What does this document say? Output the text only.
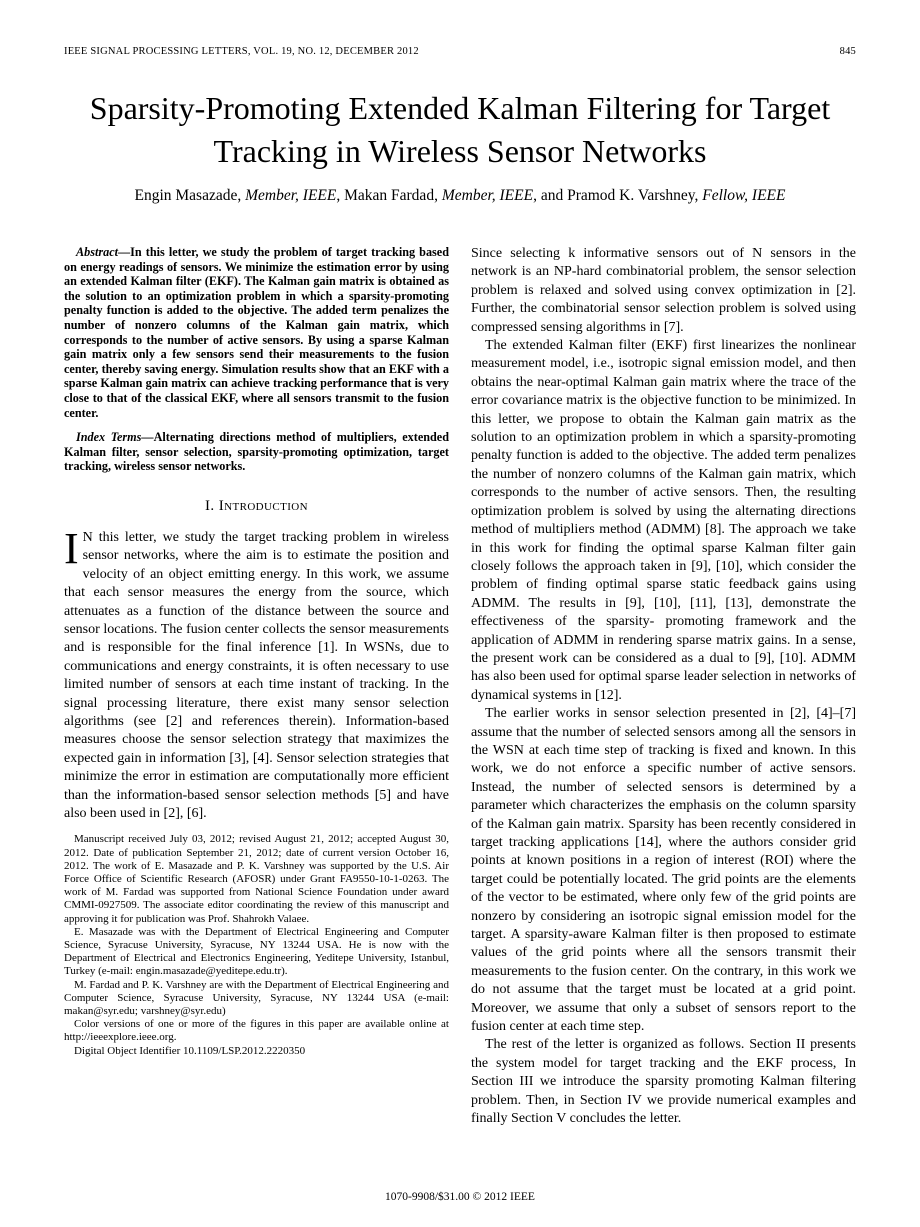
IEEE SIGNAL PROCESSING LETTERS, VOL. 19, NO. 12, DECEMBER 2012	845
Sparsity-Promoting Extended Kalman Filtering for Target Tracking in Wireless Sensor Networks
Engin Masazade, Member, IEEE, Makan Fardad, Member, IEEE, and Pramod K. Varshney, Fellow, IEEE

Abstract—In this letter, we study the problem of target tracking based on energy readings of sensors. We minimize the estimation error by using an extended Kalman filter (EKF). The Kalman gain matrix is obtained as the solution to an optimization problem in which a sparsity-promoting penalty function is added to the objective. The added term penalizes the number of nonzero columns of the Kalman gain matrix, which corresponds to the number of active sensors. By using a sparse Kalman gain matrix only a few sensors send their measurements to the fusion center, thereby saving energy. Simulation results show that an EKF with a sparse Kalman gain matrix can achieve tracking performance that is very close to that of the classical EKF, where all sensors transmit to the fusion center.

Index Terms—Alternating directions method of multipliers, extended Kalman filter, sensor selection, sparsity-promoting optimization, target tracking, wireless sensor networks.

I. Introduction

I N this letter, we study the target tracking problem in wireless sensor networks, where the aim is to estimate the position and velocity of an object emitting energy. In this work, we assume that each sensor measures the energy from the source, which attenuates as a function of the distance between the source and sensor locations. The fusion center collects the sensor measurements and is responsible for the final inference [1]. In WSNs, due to communications and energy constraints, it is often necessary to use limited number of sensors at each time instant of tracking. In the signal processing literature, there exist many sensor selection algorithms (see [2] and references therein). Information-based measures choose the sensor selection strategy that maximizes the expected gain in information [3], [4]. Sensor selection strategies that minimize the error in estimation are computationally more efficient than the information-based sensor selection methods [5] and have also been used in [2], [6].

Manuscript received July 03, 2012; revised August 21, 2012; accepted August 30, 2012. Date of publication September 21, 2012; date of current version October 16, 2012. The work of E. Masazade and P. K. Varshney was supported by the U.S. Air Force Office of Scientific Research (AFOSR) under Grant FA9550-10-1-0263. The work of M. Fardad was supported from National Science Foundation under award CMMI-0927509. The associate editor coordinating the review of this manuscript and approving it for publication was Prof. Shahrokh Valaee.

E. Masazade was with the Department of Electrical Engineering and Computer Science, Syracuse University, Syracuse, NY 13244 USA. He is now with the Department of Electrical and Electronics Engineering, Yeditepe University, Istanbul, Turkey (e-mail: engin.masazade@yeditepe.edu.tr).

M. Fardad and P. K. Varshney are with the Department of Electrical Engineering and Computer Science, Syracuse University, Syracuse, NY 13244 USA (e-mail: makan@syr.edu; varshney@syr.edu)

Color versions of one or more of the figures in this paper are available online at http://ieeexplore.ieee.org.

Digital Object Identifier 10.1109/LSP.2012.2220350

Since selecting k informative sensors out of N sensors in the network is an NP-hard combinatorial problem, the sensor selection problem is relaxed and solved using convex optimization in [2]. Further, the combinatorial sensor selection problem is solved using compressed sensing algorithms in [7].

The extended Kalman filter (EKF) first linearizes the nonlinear measurement model, i.e., isotropic signal emission model, and then obtains the near-optimal Kalman gain matrix where the trace of the error covariance matrix is the objective function to be minimized. In this letter, we propose to obtain the Kalman gain matrix as the solution to an optimization problem in which a sparsity-promoting penalty function is added to the objective. The added term penalizes the number of nonzero columns of the Kalman gain matrix, which corresponds to the number of active sensors. Then, the resulting optimization problem is solved by using the alternating directions method of multipliers method (ADMM) [8]. The approach we take in this work for finding the optimal sparse Kalman filter gain closely follows the approach taken in [9], [10], which consider the problem of finding optimal sparse static feedback gains using ADMM. The results in [9], [10], [11], [13], demonstrate the effectiveness of the sparsity- promoting framework and the application of ADMM in rendering sparse matrix gains. In a sense, the present work can be considered as a dual to [9], [10]. ADMM has also been used for optimal sparse leader selection in networks of dynamical systems in [12].

The earlier works in sensor selection presented in [2], [4]–[7] assume that the number of selected sensors among all the sensors in the WSN at each time step of tracking is fixed and known. In this work, we do not enforce a specific number of active sensors. Instead, the number of selected sensors is determined by a parameter which characterizes the emphasis on the column sparsity of the Kalman gain matrix. Sparsity has been recently considered in target tracking applications [14], where the authors consider grid points at known positions in a region of interest (ROI) where the target could be potentially located. The grid points are the elements of the vector to be estimated, where only few of the grid points are nonzero by considering an isotropic signal emission model for the target. A sparsity-aware Kalman filter is then proposed to estimate values of the grid points where all the sensors transmit their measurements to the fusion center. On the contrary, in this work we do not assume that the target must be located at a grid point. Moreover, we assume that only a subset of sensors report to the fusion center at each time step.

The rest of the letter is organized as follows. Section II presents the system model for target tracking and the EKF process, In Section III we introduce the sparsity promoting Kalman filtering problem. Then, in Section IV we provide numerical examples and finally Section V concludes the letter.

1070-9908/$31.00 © 2012 IEEE
